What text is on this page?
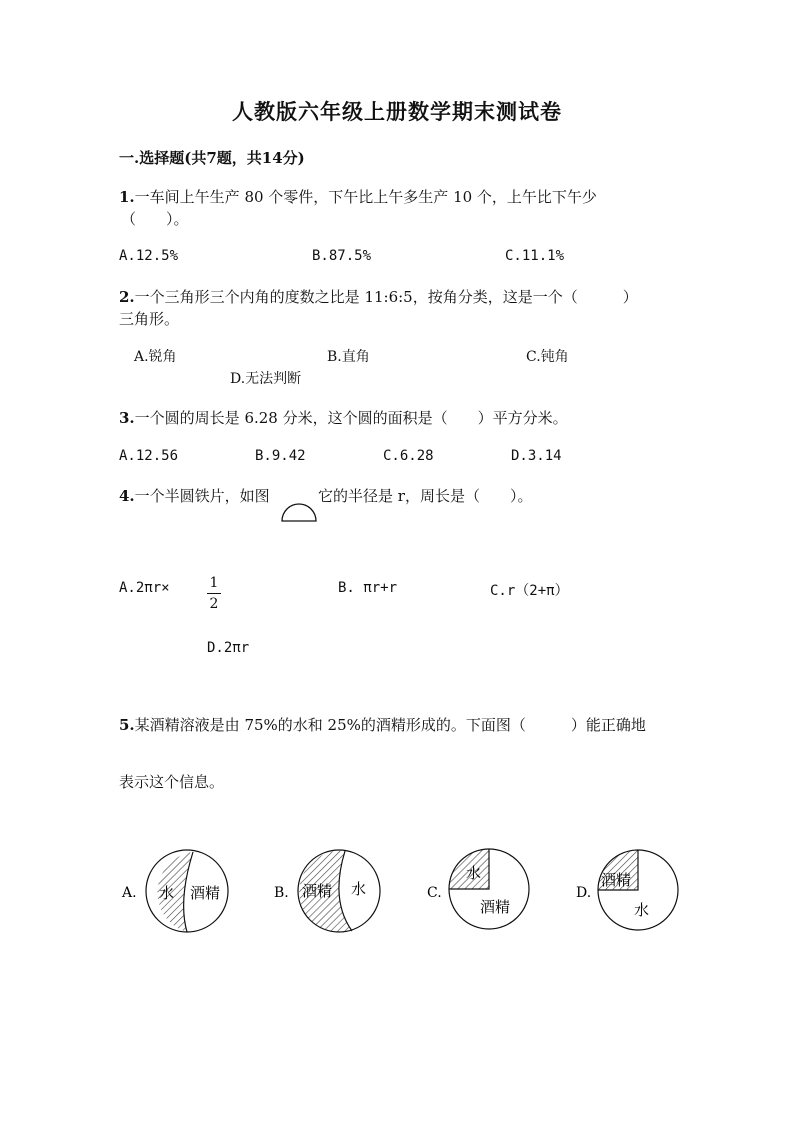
人教版六年级上册数学期末测试卷
一.选择题(共7题，共14分)
1.一车间上午生产 80 个零件，下午比上午多生产 10 个，上午比下午少
（　　）。
A.12.5%	B.87.5%	C.11.1%
2.一个三角形三个内角的度数之比是 11:6:5，按角分类，这是一个（　　　）
三角形。
A.锐角	B.直角	C.钝角
D.无法判断
3.一个圆的周长是 6.28 分米，这个圆的面积是（　　）平方分米。
A.12.56	B.9.42	C.6.28	D.3.14
4.一个半圆铁片，如图	它的半径是 r，周长是（　　）。
A.2πr×	1
2
B. πr+r	C.r（2+π）
D.2πr
5.某酒精溶液是由 75%的水和 25%的酒精形成的。下面图（　　　）能正确地
表示这个信息。
A. 水 酒精	B. 酒精 水	C.
水
酒精
D.
酒精
水
